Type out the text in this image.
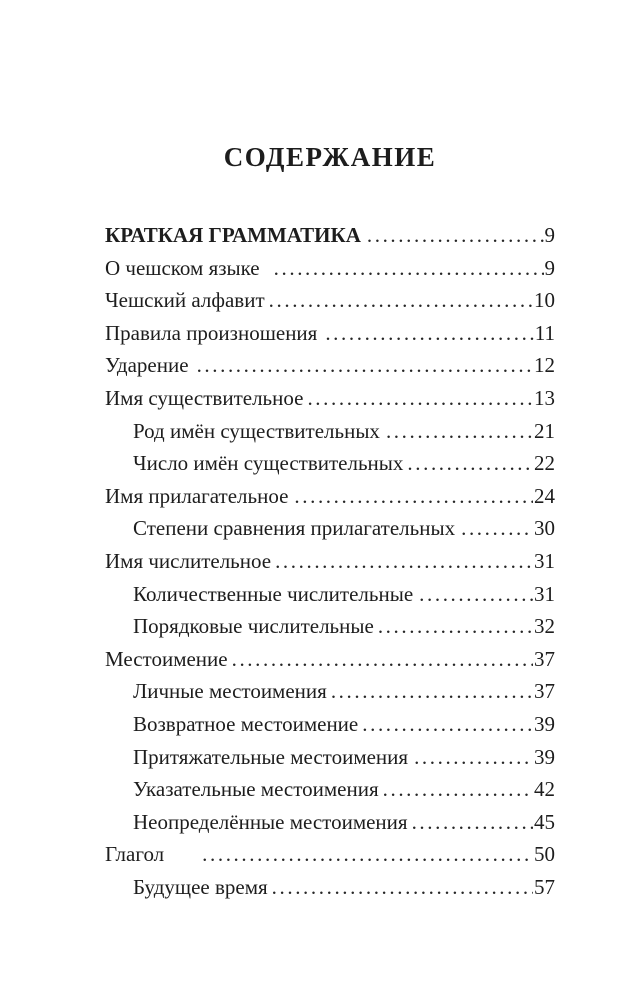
СОДЕРЖАНИЕ
КРАТКАЯ ГРАММАТИКА .....	9
О чешском языке .....	9
Чешский алфавит .....	10
Правила произношения .....	11
Ударение .....	12
Имя существительное .....	13
Род имён существительных .....	21
Число имён существительных .....	22
Имя прилагательное .....	24
Степени сравнения прилагательных .....	30
Имя числительное .....	31
Количественные числительные .....	31
Порядковые числительные .....	32
Местоимение .....	37
Личные местоимения .....	37
Возвратное местоимение .....	39
Притяжательные местоимения .....	39
Указательные местоимения .....	42
Неопределённые местоимения .....	45
Глагол .....	50
Будущее время .....	57
